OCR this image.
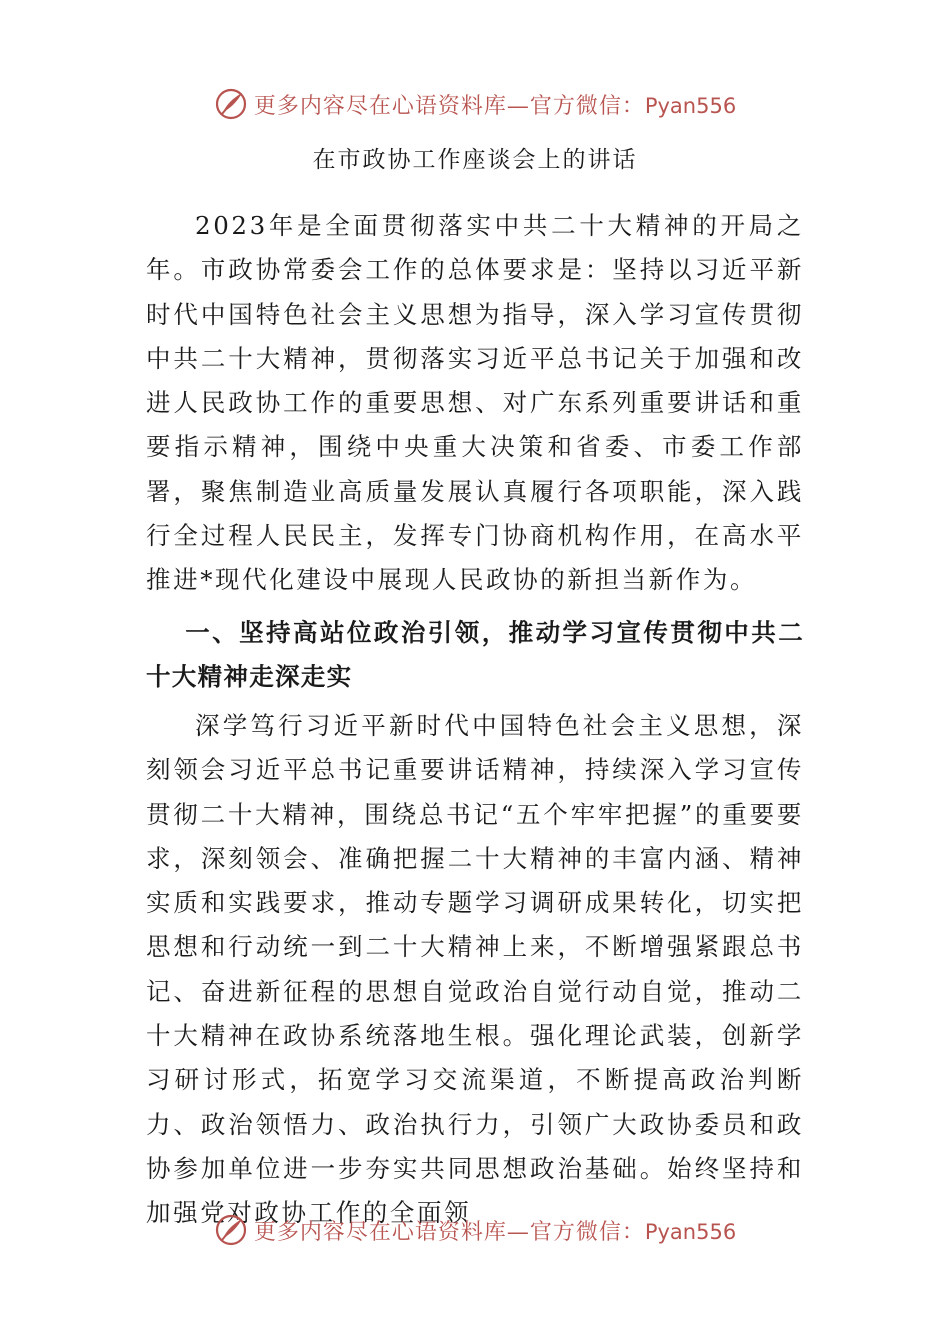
更多内容尽在心语资料库—官方微信：Pyan556
在市政协工作座谈会上的讲话

2023年是全面贯彻落实中共二十大精神的开局之年。市政协常委会工作的总体要求是：坚持以习近平新时代中国特色社会主义思想为指导，深入学习宣传贯彻中共二十大精神，贯彻落实习近平总书记关于加强和改进人民政协工作的重要思想、对广东系列重要讲话和重要指示精神，围绕中央重大决策和省委、市委工作部署，聚焦制造业高质量发展认真履行各项职能，深入践行全过程人民民主，发挥专门协商机构作用，在高水平推进*现代化建设中展现人民政协的新担当新作为。

一、坚持高站位政治引领，推动学习宣传贯彻中共二十大精神走深走实

深学笃行习近平新时代中国特色社会主义思想，深刻领会习近平总书记重要讲话精神，持续深入学习宣传贯彻二十大精神，围绕总书记“五个牢牢把握”的重要要求，深刻领会、准确把握二十大精神的丰富内涵、精神实质和实践要求，推动专题学习调研成果转化，切实把思想和行动统一到二十大精神上来，不断增强紧跟总书记、奋进新征程的思想自觉政治自觉行动自觉，推动二十大精神在政协系统落地生根。强化理论武装，创新学习研讨形式，拓宽学习交流渠道，不断提高政治判断力、政治领悟力、政治执行力，引领广大政协委员和政协参加单位进一步夯实共同思想政治基础。始终坚持和加强党对政协工作的全面领

更多内容尽在心语资料库—官方微信：Pyan556
